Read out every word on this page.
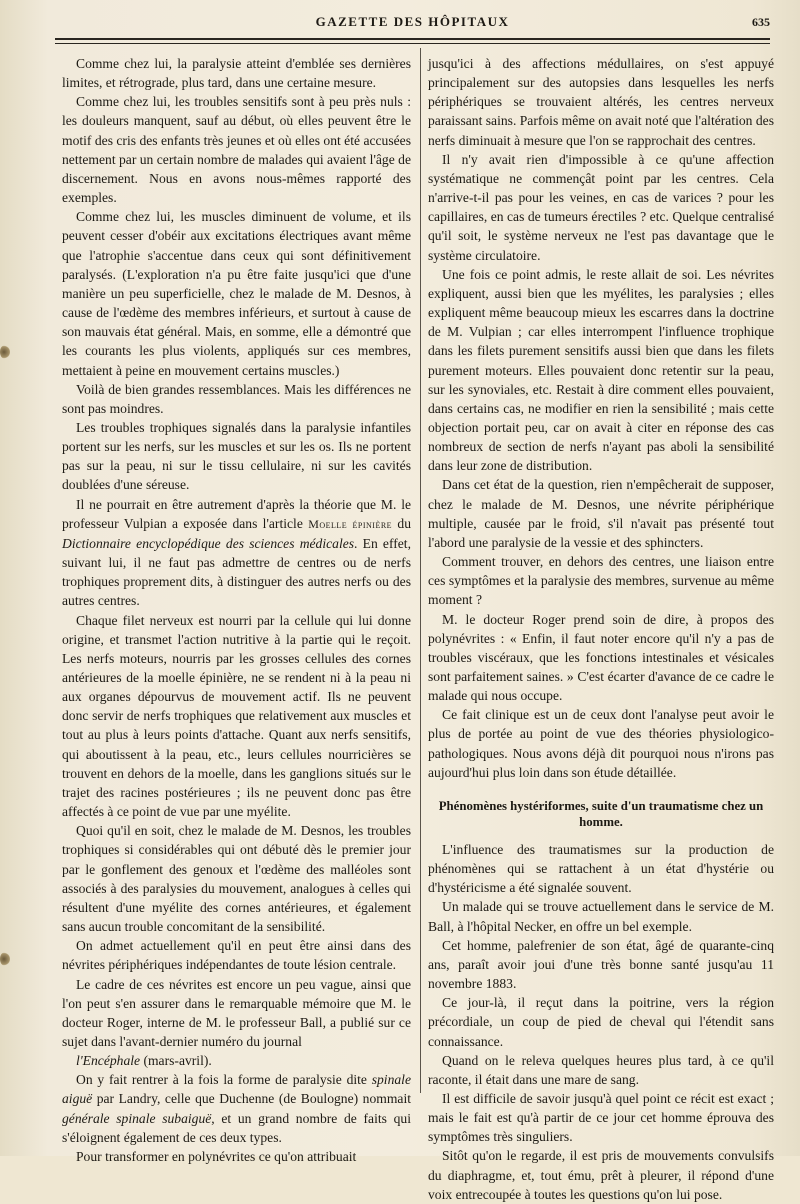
GAZETTE DES HÔPITAUX	635

Comme chez lui, la paralysie atteint d'emblée ses dernières limites, et rétrograde, plus tard, dans une certaine mesure.

Comme chez lui, les troubles sensitifs sont à peu près nuls : les douleurs manquent, sauf au début, où elles peuvent être le motif des cris des enfants très jeunes et où elles ont été accusées nettement par un certain nombre de malades qui avaient l'âge de discernement. Nous en avons nous-mêmes rapporté des exemples.

Comme chez lui, les muscles diminuent de volume, et ils peuvent cesser d'obéir aux excitations électriques avant même que l'atrophie s'accentue dans ceux qui sont définitivement paralysés. (L'exploration n'a pu être faite jusqu'ici que d'une manière un peu superficielle, chez le malade de M. Desnos, à cause de l'œdème des membres inférieurs, et surtout à cause de son mauvais état général. Mais, en somme, elle a démontré que les courants les plus violents, appliqués sur ces membres, mettaient à peine en mouvement certains muscles.)

Voilà de bien grandes ressemblances. Mais les différences ne sont pas moindres.

Les troubles trophiques signalés dans la paralysie infantiles portent sur les nerfs, sur les muscles et sur les os. Ils ne portent pas sur la peau, ni sur le tissu cellulaire, ni sur les cavités doublées d'une séreuse.

Il ne pourrait en être autrement d'après la théorie que M. le professeur Vulpian a exposée dans l'article Moelle épinière du Dictionnaire encyclopédique des sciences médicales. En effet, suivant lui, il ne faut pas admettre de centres ou de nerfs trophiques proprement dits, à distinguer des autres nerfs ou des autres centres.

Chaque filet nerveux est nourri par la cellule qui lui donne origine, et transmet l'action nutritive à la partie qui le reçoit. Les nerfs moteurs, nourris par les grosses cellules des cornes antérieures de la moelle épinière, ne se rendent ni à la peau ni aux organes dépourvus de mouvement actif. Ils ne peuvent donc servir de nerfs trophiques que relativement aux muscles et tout au plus à leurs points d'attache. Quant aux nerfs sensitifs, qui aboutissent à la peau, etc., leurs cellules nourricières se trouvent en dehors de la moelle, dans les ganglions situés sur le trajet des racines postérieures ; ils ne peuvent donc pas être affectés à ce point de vue par une myélite.

Quoi qu'il en soit, chez le malade de M. Desnos, les troubles trophiques si considérables qui ont débuté dès le premier jour par le gonflement des genoux et l'œdème des malléoles sont associés à des paralysies du mouvement, analogues à celles qui résultent d'une myélite des cornes antérieures, et également sans aucun trouble concomitant de la sensibilité.

On admet actuellement qu'il en peut être ainsi dans des névrites périphériques indépendantes de toute lésion centrale.

Le cadre de ces névrites est encore un peu vague, ainsi que l'on peut s'en assurer dans le remarquable mémoire que M. le docteur Roger, interne de M. le professeur Ball, a publié sur ce sujet dans l'avant-dernier numéro du journal

l'Encéphale (mars-avril).

On y fait rentrer à la fois la forme de paralysie dite spinale aiguë par Landry, celle que Duchenne (de Boulogne) nommait générale spinale subaiguë, et un grand nombre de faits qui s'éloignent également de ces deux types.

Pour transformer en polynévrites ce qu'on attribuait

jusqu'ici à des affections médullaires, on s'est appuyé principalement sur des autopsies dans lesquelles les nerfs périphériques se trouvaient altérés, les centres nerveux paraissant sains. Parfois même on avait noté que l'altération des nerfs diminuait à mesure que l'on se rapprochait des centres.

Il n'y avait rien d'impossible à ce qu'une affection systématique ne commençât point par les centres. Cela n'arrive-t-il pas pour les veines, en cas de varices ? pour les capillaires, en cas de tumeurs érectiles ? etc. Quelque centralisé qu'il soit, le système nerveux ne l'est pas davantage que le système circulatoire.

Une fois ce point admis, le reste allait de soi. Les névrites expliquent, aussi bien que les myélites, les paralysies ; elles expliquent même beaucoup mieux les escarres dans la doctrine de M. Vulpian ; car elles interrompent l'influence trophique dans les filets purement sensitifs aussi bien que dans les filets purement moteurs. Elles pouvaient donc retentir sur la peau, sur les synoviales, etc. Restait à dire comment elles pouvaient, dans certains cas, ne modifier en rien la sensibilité ; mais cette objection portait peu, car on avait à citer en réponse des cas nombreux de section de nerfs n'ayant pas aboli la sensibilité dans leur zone de distribution.

Dans cet état de la question, rien n'empêcherait de supposer, chez le malade de M. Desnos, une névrite périphérique multiple, causée par le froid, s'il n'avait pas présenté tout l'abord une paralysie de la vessie et des sphincters.

Comment trouver, en dehors des centres, une liaison entre ces symptômes et la paralysie des membres, survenue au même moment ?

M. le docteur Roger prend soin de dire, à propos des polynévrites : « Enfin, il faut noter encore qu'il n'y a pas de troubles viscéraux, que les fonctions intestinales et vésicales sont parfaitement saines. » C'est écarter d'avance de ce cadre le malade qui nous occupe.

Ce fait clinique est un de ceux dont l'analyse peut avoir le plus de portée au point de vue des théories physiologico-pathologiques. Nous avons déjà dit pourquoi nous n'irons pas aujourd'hui plus loin dans son étude détaillée.

Phénomènes hystériformes, suite d'un traumatisme chez un homme.

L'influence des traumatismes sur la production de phénomènes qui se rattachent à un état d'hystérie ou d'hystéricisme a été signalée souvent.

Un malade qui se trouve actuellement dans le service de M. Ball, à l'hôpital Necker, en offre un bel exemple.

Cet homme, palefrenier de son état, âgé de quarante-cinq ans, paraît avoir joui d'une très bonne santé jusqu'au 11 novembre 1883.

Ce jour-là, il reçut dans la poitrine, vers la région précordiale, un coup de pied de cheval qui l'étendit sans connaissance.

Quand on le releva quelques heures plus tard, à ce qu'il raconte, il était dans une mare de sang.

Il est difficile de savoir jusqu'à quel point ce récit est exact ; mais le fait est qu'à partir de ce jour cet homme éprouva des symptômes très singuliers.

Sitôt qu'on le regarde, il est pris de mouvements convulsifs du diaphragme, et, tout ému, prêt à pleurer, il répond d'une voix entrecoupée à toutes les questions qu'on lui pose.
